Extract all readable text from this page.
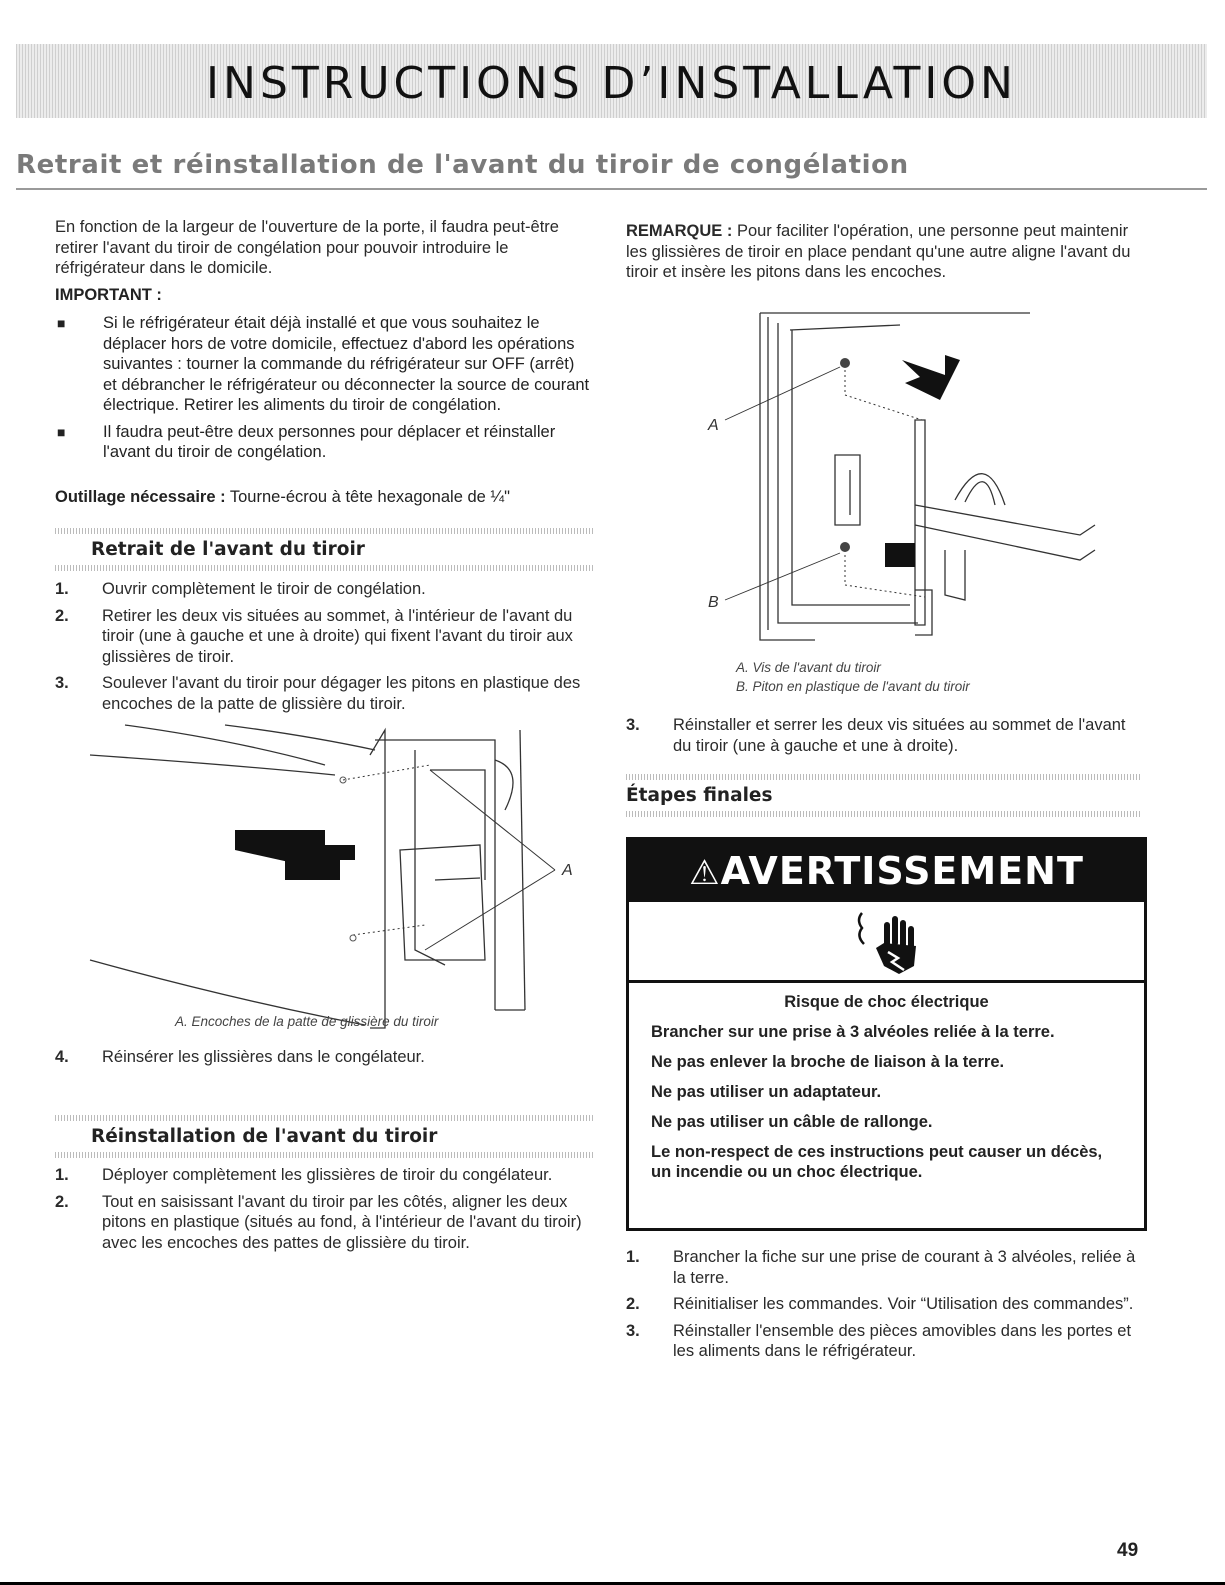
INSTRUCTIONS D’INSTALLATION
Retrait et réinstallation de l'avant du tiroir de congélation

En fonction de la largeur de l'ouverture de la porte, il faudra peut-être retirer l'avant du tiroir de congélation pour pouvoir introduire le réfrigérateur dans le domicile.

IMPORTANT :
■ Si le réfrigérateur était déjà installé et que vous souhaitez le déplacer hors de votre domicile, effectuez d'abord les opérations suivantes : tourner la commande du réfrigérateur sur OFF (arrêt) et débrancher le réfrigérateur ou déconnecter la source de courant électrique. Retirer les aliments du tiroir de congélation.
■ Il faudra peut-être deux personnes pour déplacer et réinstaller l'avant du tiroir de congélation.
Outillage nécessaire : Tourne-écrou à tête hexagonale de ¼"
Retrait de l'avant du tiroir
1. Ouvrir complètement le tiroir de congélation.
2. Retirer les deux vis situées au sommet, à l'intérieur de l'avant du tiroir (une à gauche et une à droite) qui fixent l'avant du tiroir aux glissières de tiroir.
3. Soulever l'avant du tiroir pour dégager les pitons en plastique des encoches de la patte de glissière du tiroir.
A
A. Encoches de la patte de glissière du tiroir
4. Réinsérer les glissières dans le congélateur.
Réinstallation de l'avant du tiroir
1. Déployer complètement les glissières de tiroir du congélateur.
2. Tout en saisissant l'avant du tiroir par les côtés, aligner les deux pitons en plastique (situés au fond, à l'intérieur de l'avant du tiroir) avec les encoches des pattes de glissière du tiroir.

REMARQUE : Pour faciliter l'opération, une personne peut maintenir les glissières de tiroir en place pendant qu'une autre aligne l'avant du tiroir et insère les pitons dans les encoches.

A
B
A. Vis de l'avant du tiroir
B. Piton en plastique de l'avant du tiroir
3. Réinstaller et serrer les deux vis situées au sommet de l'avant du tiroir (une à gauche et une à droite).
Étapes finales
⚠AVERTISSEMENT
Risque de choc électrique
Brancher sur une prise à 3 alvéoles reliée à la terre.
Ne pas enlever la broche de liaison à la terre.
Ne pas utiliser un adaptateur.
Ne pas utiliser un câble de rallonge.
Le non-respect de ces instructions peut causer un décès, un incendie ou un choc électrique.
1. Brancher la fiche sur une prise de courant à 3 alvéoles, reliée à la terre.
2. Réinitialiser les commandes. Voir “Utilisation des commandes”.
3. Réinstaller l'ensemble des pièces amovibles dans les portes et les aliments dans le réfrigérateur.
49
